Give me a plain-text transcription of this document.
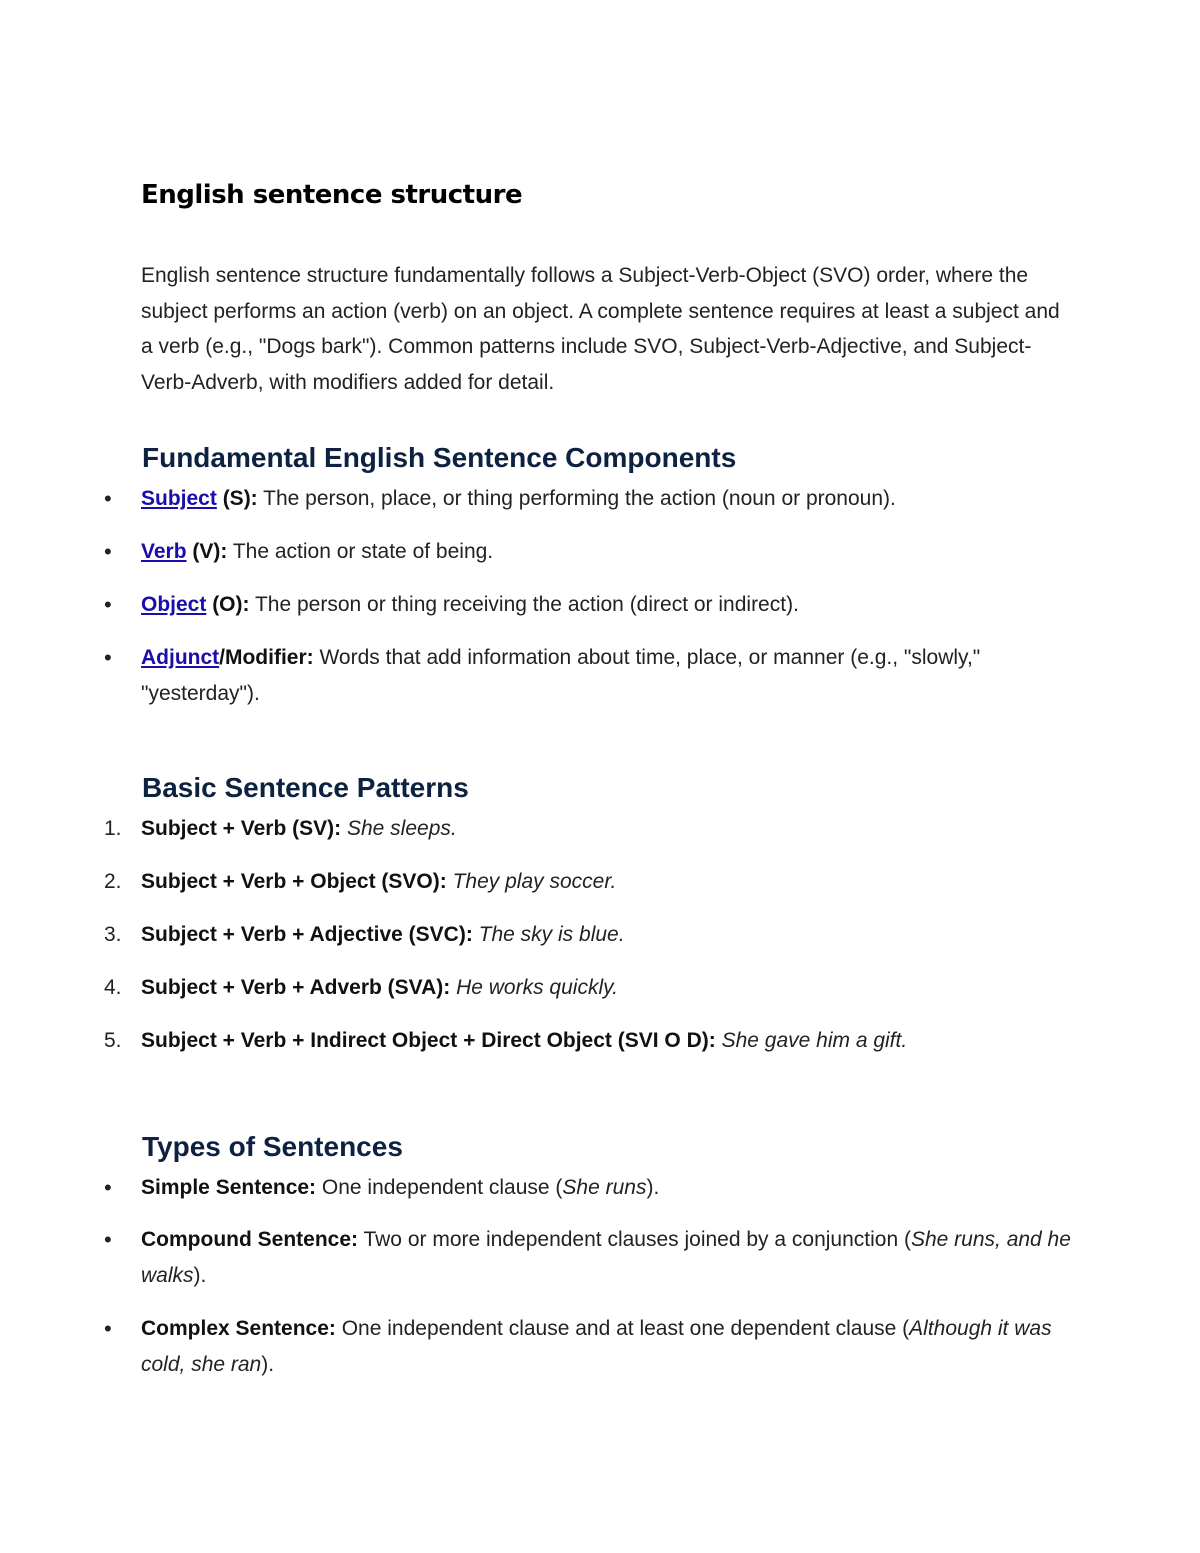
English sentence structure

English sentence structure fundamentally follows a Subject-Verb-Object (SVO) order, where the subject performs an action (verb) on an object. A complete sentence requires at least a subject and a verb (e.g., "Dogs bark"). Common patterns include SVO, Subject-Verb-Adjective, and Subject-Verb-Adverb, with modifiers added for detail.

Fundamental English Sentence Components
•	Subject (S): The person, place, or thing performing the action (noun or pronoun).
•	Verb (V): The action or state of being.
•	Object (O): The person or thing receiving the action (direct or indirect).
•	Adjunct/Modifier: Words that add information about time, place, or manner (e.g., "slowly," "yesterday").
Basic Sentence Patterns
1. Subject + Verb (SV): She sleeps.
2. Subject + Verb + Object (SVO): They play soccer.
3. Subject + Verb + Adjective (SVC): The sky is blue.
4. Subject + Verb + Adverb (SVA): He works quickly.
5. Subject + Verb + Indirect Object + Direct Object (SVI O D): She gave him a gift.
Types of Sentences
•	Simple Sentence: One independent clause (She runs).
•	Compound Sentence: Two or more independent clauses joined by a conjunction (She runs, and he walks).
•	Complex Sentence: One independent clause and at least one dependent clause (Although it was cold, she ran).
